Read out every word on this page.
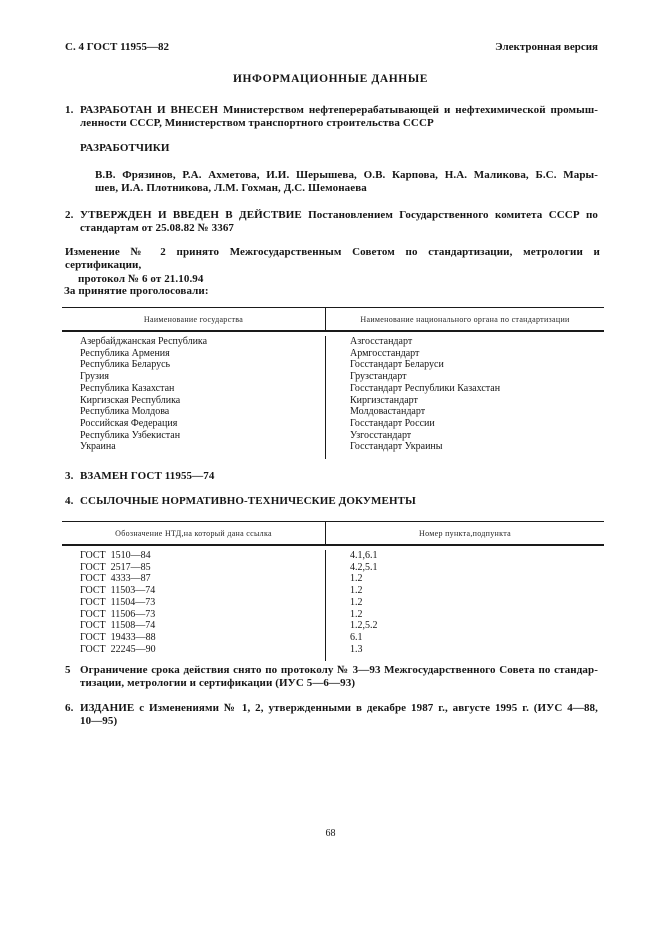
С. 4 ГОСТ 11955—82	Электронная версия
ИНФОРМАЦИОННЫЕ ДАННЫЕ
1. РАЗРАБОТАН И ВНЕСЕН Министерством нефтеперерабатывающей и нефтехимической промыш-
ленности СССР, Министерством транспортного строительства СССР
РАЗРАБОТЧИКИ
В.В. Фрязинов, Р.А. Ахметова, И.И. Шерышева, О.В. Карпова, Н.А. Маликова, Б.С. Мары-
шев, И.А. Плотникова, Л.М. Гохман, Д.С. Шемонаева
2. УТВЕРЖДЕН И ВВЕДЕН В ДЕЙСТВИЕ Постановлением Государственного комитета СССР по
стандартам от 25.08.82 № 3367
Изменение № 2 принято Межгосударственным Советом по стандартизации, метрологии и сертификации,
протокол № 6 от 21.10.94
За принятие проголосовали:
Наименование государства	Наименование национального органа по стандартизации
Азербайджанская Республика	Азгосстандарт
Республика Армения	Армгосстандарт
Республика Беларусь	Госстандарт Беларуси
Грузия	Грузстандарт
Республика Казахстан	Госстандарт Республики Казахстан
Киргизская Республика	Киргизстандарт
Республика Молдова	Молдовастандарт
Российская Федерация	Госстандарт России
Республика Узбекистан	Узгосстандарт
Украина	Госстандарт Украины
3. ВЗАМЕН ГОСТ 11955—74
4. ССЫЛОЧНЫЕ НОРМАТИВНО-ТЕХНИЧЕСКИЕ ДОКУМЕНТЫ
Обозначение НТД,на который дана ссылка	Номер пункта,подпункта
ГОСТ  1510—84	4.1,6.1
ГОСТ  2517—85	4.2,5.1
ГОСТ  4333—87	1.2
ГОСТ  11503—74	1.2
ГОСТ  11504—73	1.2
ГОСТ  11506—73	1.2
ГОСТ  11508—74	1.2,5.2
ГОСТ  19433—88	6.1
ГОСТ  22245—90	1.3
5 Ограничение срока действия снято по протоколу № 3—93 Межгосударственного Совета по стандар-
тизации, метрологии и сертификации (ИУС 5—6—93)
6. ИЗДАНИЕ с Изменениями № 1, 2, утвержденными в декабре 1987 г., августе 1995 г. (ИУС 4—88,
10—95)
68
